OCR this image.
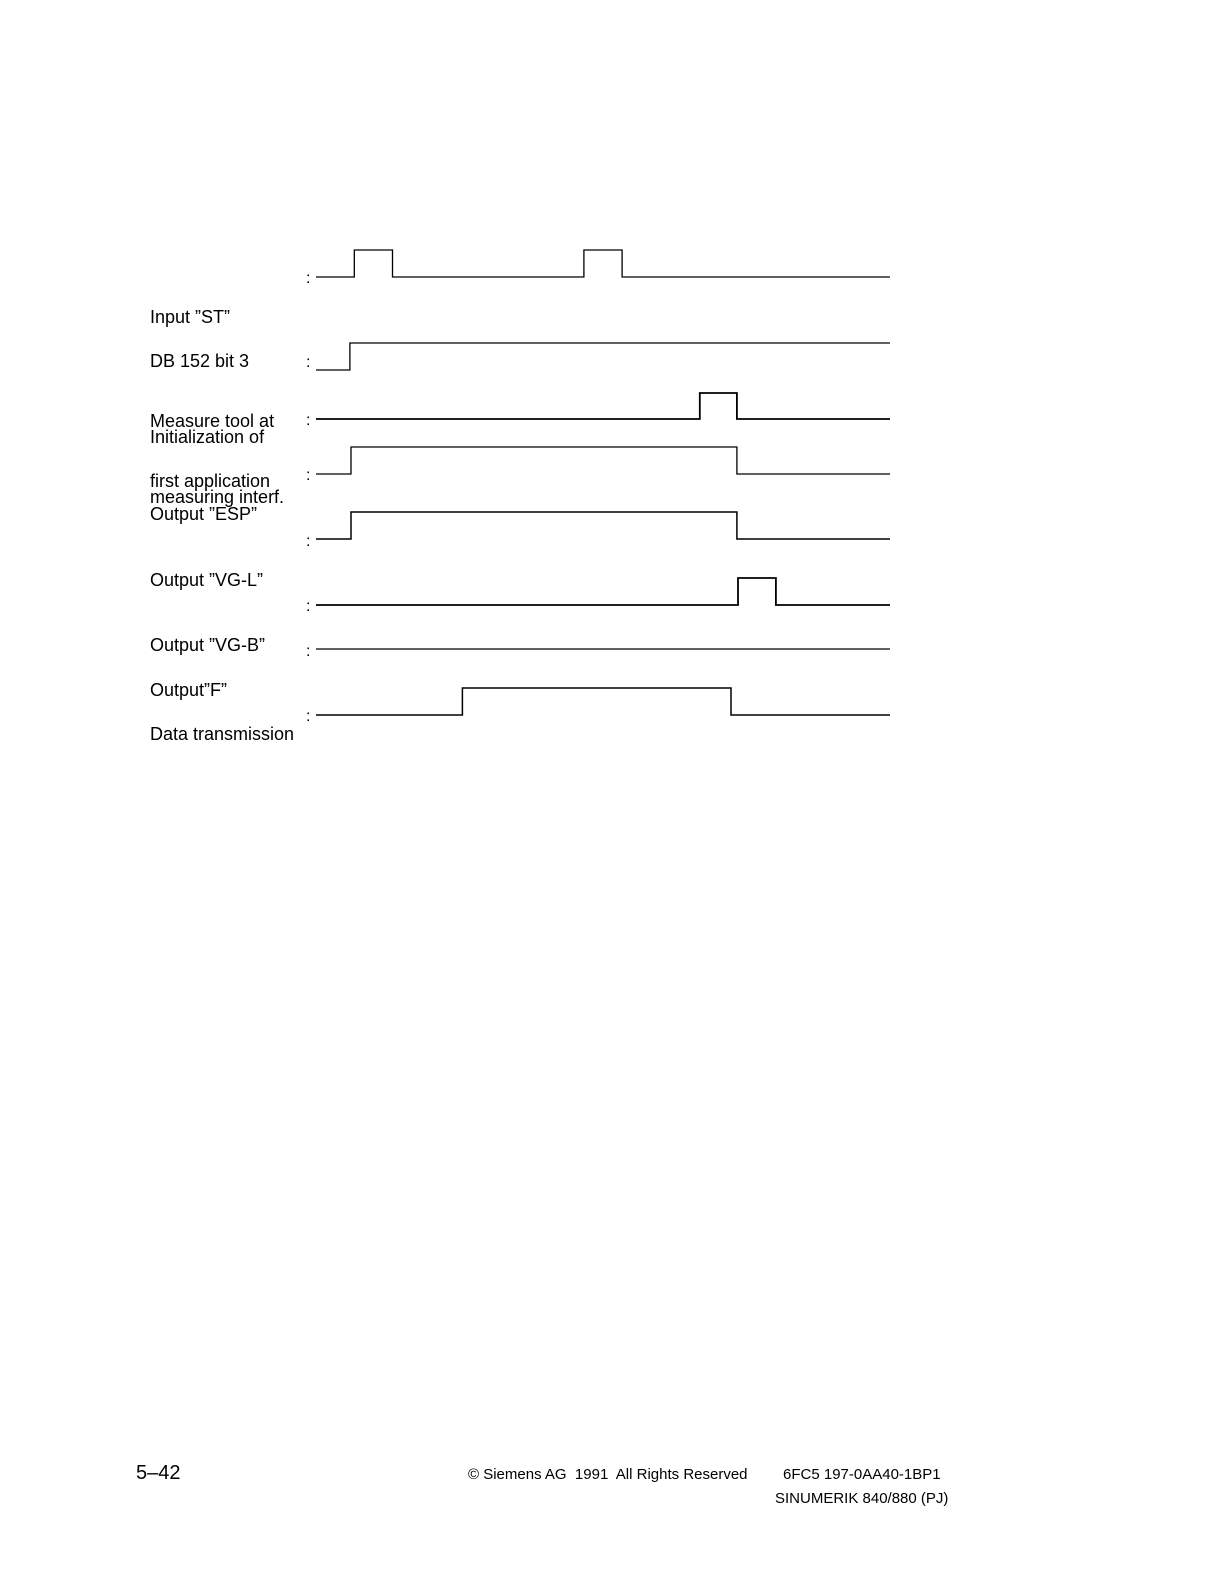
Input ”ST”

DB 152 bit 3

Measure tool at

first application

Initialization of

measuring interf.

Output ”ESP”

Output ”VG-L”

Output ”VG-B”

Output”F”

Data transmission

:
:
:
:
:
:
:
:
5–42	© Siemens AG  1991  All Rights Reserved 6FC5 197-0AA40-1BP1
SINUMERIK 840/880 (PJ)
